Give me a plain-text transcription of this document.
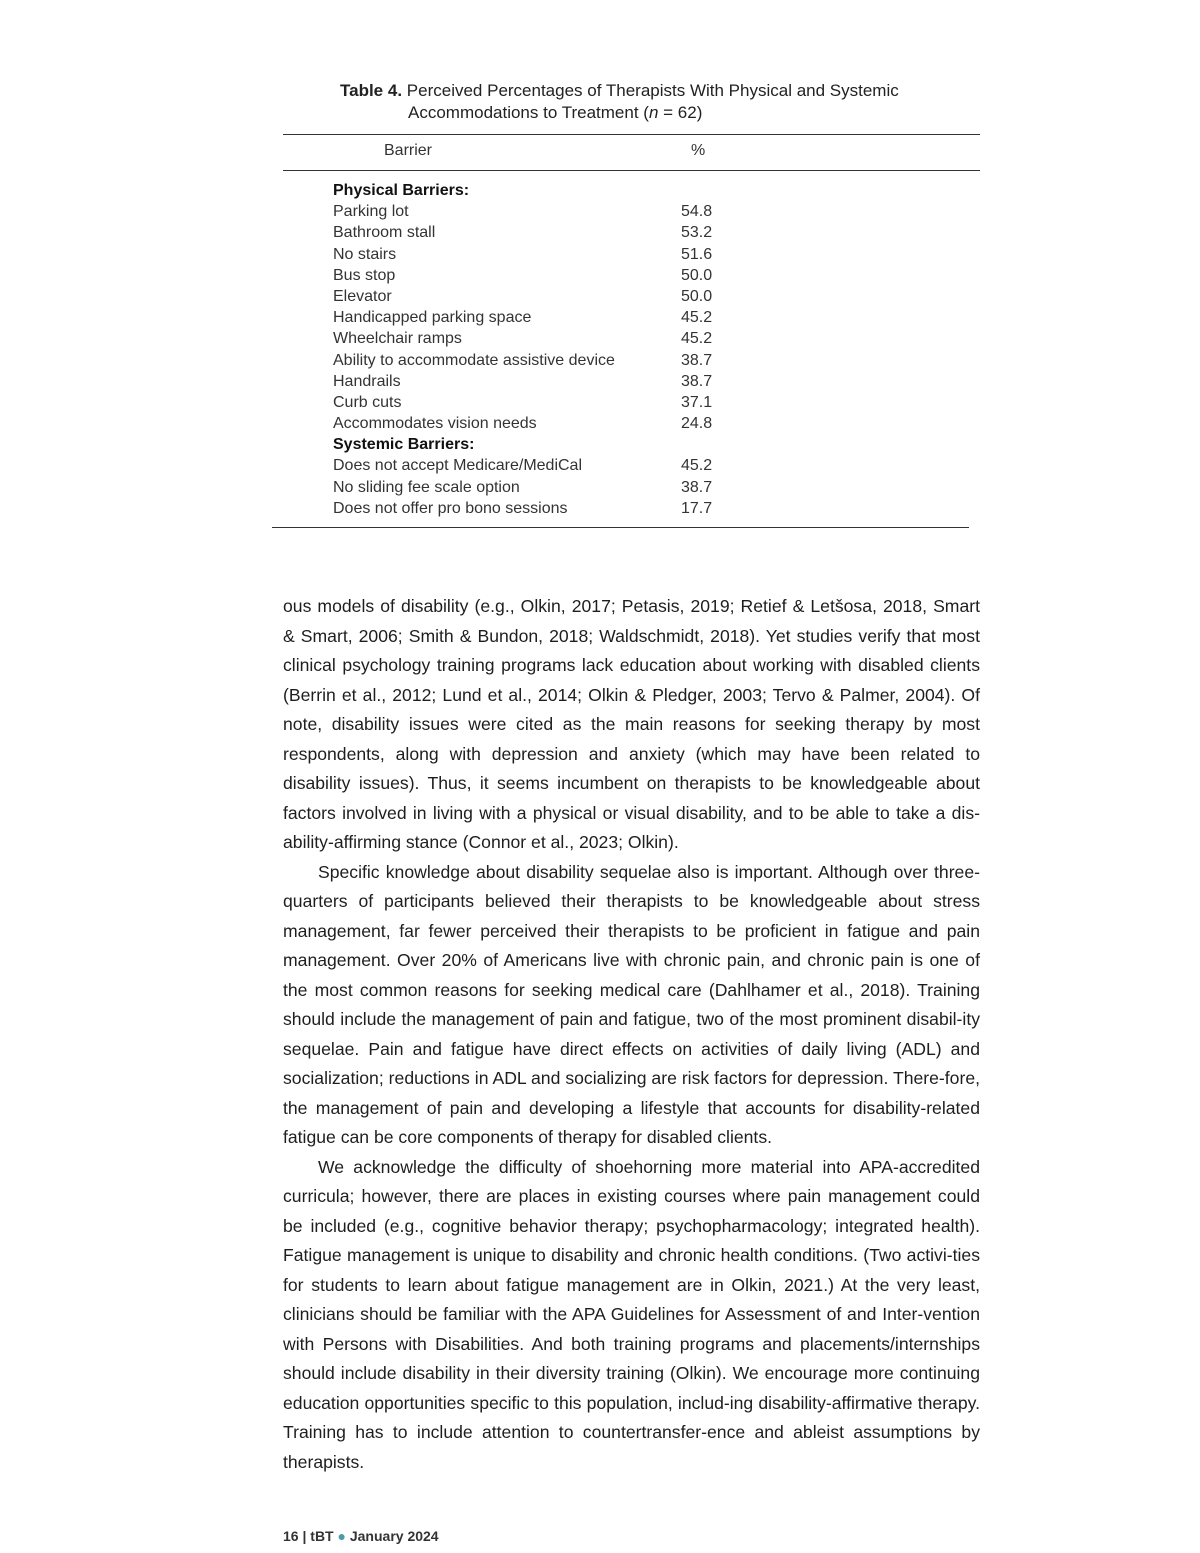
Table 4. Perceived Percentages of Therapists With Physical and Systemic
Accommodations to Treatment (n = 62)
Barrier	%
Physical Barriers:
Parking lot	54.8
Bathroom stall	53.2
No stairs	51.6
Bus stop	50.0
Elevator	50.0
Handicapped parking space	45.2
Wheelchair ramps	45.2
Ability to accommodate assistive device	38.7
Handrails	38.7
Curb cuts	37.1
Accommodates vision needs	24.8
Systemic Barriers:
Does not accept Medicare/MediCal	45.2
No sliding fee scale option	38.7
Does not offer pro bono sessions	17.7

ous models of disability (e.g., Olkin, 2017; Petasis, 2019; Retief & Letšosa, 2018, Smart & Smart, 2006; Smith & Bundon, 2018; Waldschmidt, 2018). Yet studies verify that most clinical psychology training programs lack education about working with disabled clients (Berrin et al., 2012; Lund et al., 2014; Olkin & Pledger, 2003; Tervo & Palmer, 2004). Of note, disability issues were cited as the main reasons for seeking therapy by most respondents, along with depression and anxiety (which may have been related to disability issues). Thus, it seems incumbent on therapists to be knowledgeable about factors involved in living with a physical or visual disability, and to be able to take a dis-ability-affirming stance (Connor et al., 2023; Olkin).

Specific knowledge about disability sequelae also is important. Although over three-quarters of participants believed their therapists to be knowledgeable about stress management, far fewer perceived their therapists to be proficient in fatigue and pain management. Over 20% of Americans live with chronic pain, and chronic pain is one of the most common reasons for seeking medical care (Dahlhamer et al., 2018). Training should include the management of pain and fatigue, two of the most prominent disabil-ity sequelae. Pain and fatigue have direct effects on activities of daily living (ADL) and socialization; reductions in ADL and socializing are risk factors for depression. There-fore, the management of pain and developing a lifestyle that accounts for disability-related fatigue can be core components of therapy for disabled clients.

We acknowledge the difficulty of shoehorning more material into APA-accredited curricula; however, there are places in existing courses where pain management could be included (e.g., cognitive behavior therapy; psychopharmacology; integrated health). Fatigue management is unique to disability and chronic health conditions. (Two activi-ties for students to learn about fatigue management are in Olkin, 2021.) At the very least, clinicians should be familiar with the APA Guidelines for Assessment of and Inter-vention with Persons with Disabilities. And both training programs and placements/internships should include disability in their diversity training (Olkin). We encourage more continuing education opportunities specific to this population, includ-ing disability-affirmative therapy. Training has to include attention to countertransfer-ence and ableist assumptions by therapists.

16 | tBT ● January 2024
